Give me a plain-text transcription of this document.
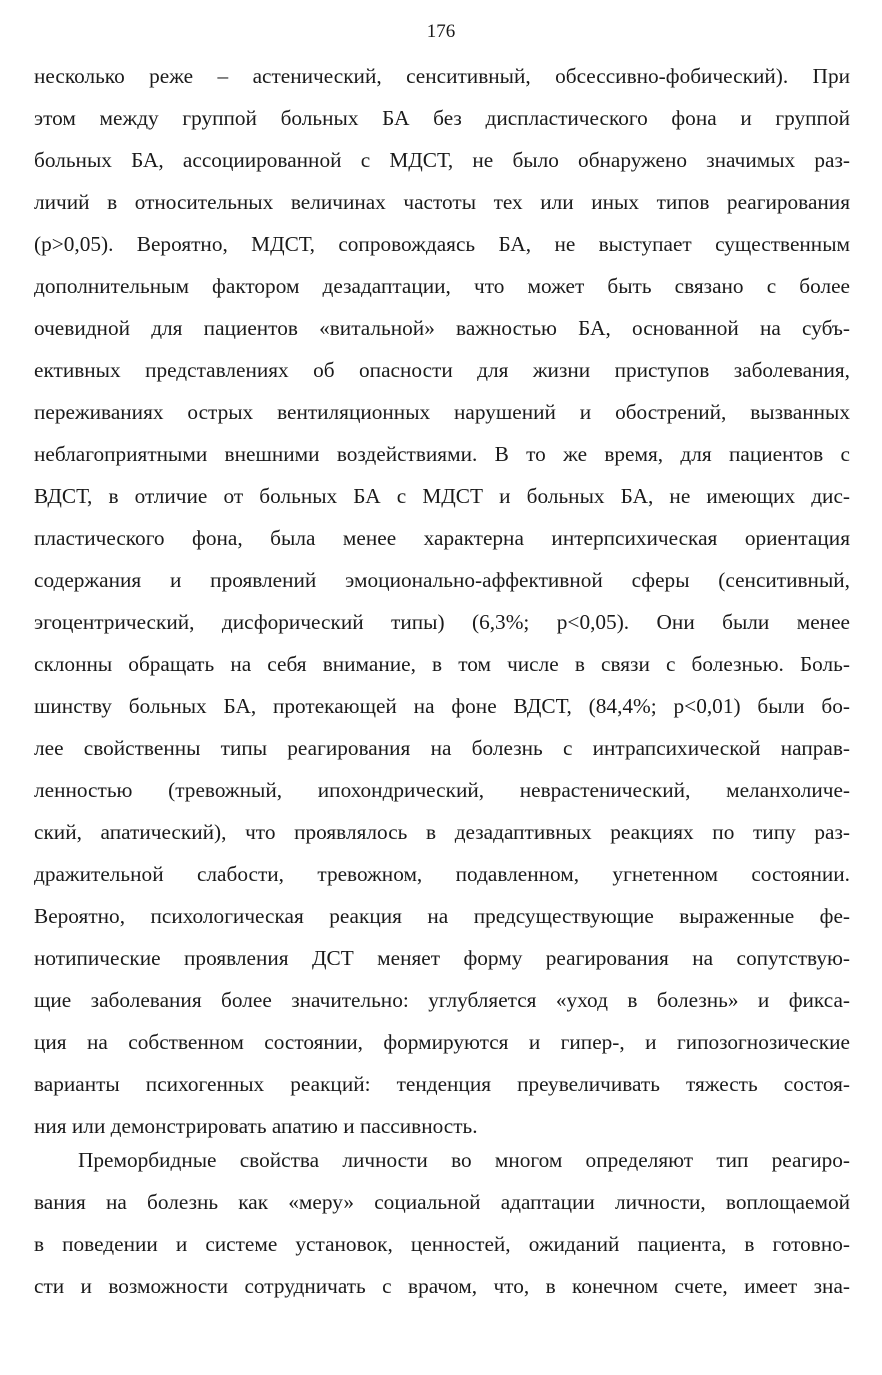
176
несколько реже – астенический, сенситивный, обсессивно-фобический). При
этом между группой больных БА без диспластического фона и группой
больных БА, ассоциированной с МДСТ, не было обнаружено значимых раз-
личий в относительных величинах частоты тех или иных типов реагирования
(р>0,05). Вероятно, МДСТ, сопровождаясь БА, не выступает существенным
дополнительным фактором дезадаптации, что может быть связано с более
очевидной для пациентов «витальной» важностью БА, основанной на субъ-
ективных представлениях об опасности для жизни приступов заболевания,
переживаниях острых вентиляционных нарушений и обострений, вызванных
неблагоприятными внешними воздействиями. В то же время, для пациентов с
ВДСТ, в отличие от больных БА с МДСТ и больных БА, не имеющих дис-
пластического фона, была менее характерна интерпсихическая ориентация
содержания и проявлений эмоционально-аффективной сферы (сенситивный,
эгоцентрический, дисфорический типы) (6,3%; р<0,05). Они были менее
склонны обращать на себя внимание, в том числе в связи с болезнью. Боль-
шинству больных БА, протекающей на фоне ВДСТ, (84,4%; р<0,01) были бо-
лее свойственны типы реагирования на болезнь с интрапсихической направ-
ленностью (тревожный, ипохондрический, неврастенический, меланхоличе-
ский, апатический), что проявлялось в дезадаптивных реакциях по типу раз-
дражительной слабости, тревожном, подавленном, угнетенном состоянии.
Вероятно, психологическая реакция на предсуществующие выраженные фе-
нотипические проявления ДСТ меняет форму реагирования на сопутствую-
щие заболевания более значительно: углубляется «уход в болезнь» и фикса-
ция на собственном состоянии, формируются и гипер-, и гипозогнозические
варианты психогенных реакций: тенденция преувеличивать тяжесть состоя-
ния или демонстрировать апатию и пассивность.
Преморбидные свойства личности во многом определяют тип реагиро-
вания на болезнь как «меру» социальной адаптации личности, воплощаемой
в поведении и системе установок, ценностей, ожиданий пациента, в готовно-
сти и возможности сотрудничать с врачом, что, в конечном счете, имеет зна-
